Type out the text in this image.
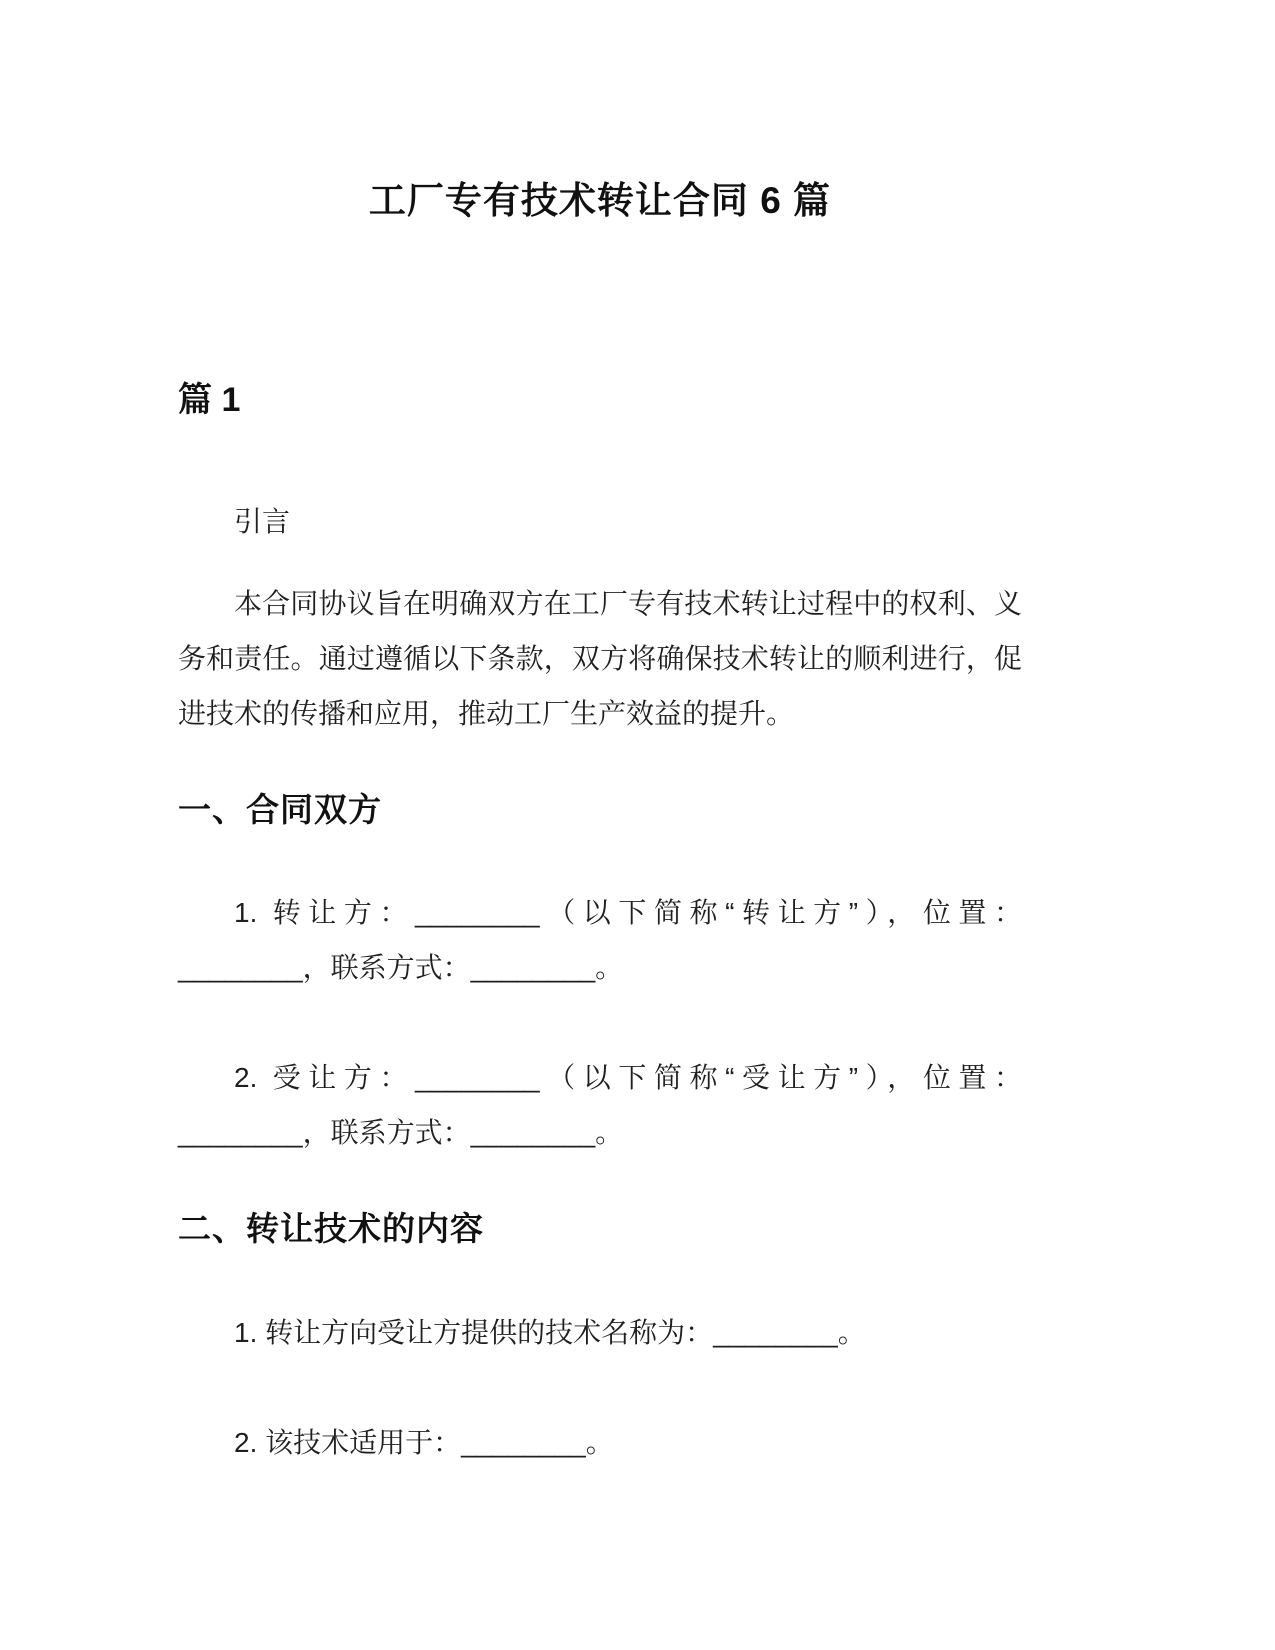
工厂专有技术转让合同 6 篇
篇 1

引言

本合同协议旨在明确双方在工厂专有技术转让过程中的权利、义务和责任。通过遵循以下条款，双方将确保技术转让的顺利进行，促进技术的传播和应用，推动工厂生产效益的提升。

一、合同双方

1. 转让方：________（以下简称“转让方”），位置：________，联系方式：________。

2. 受让方：________（以下简称“受让方”），位置：________，联系方式：________。

二、转让技术的内容

1. 转让方向受让方提供的技术名称为：________。

2. 该技术适用于：________。
